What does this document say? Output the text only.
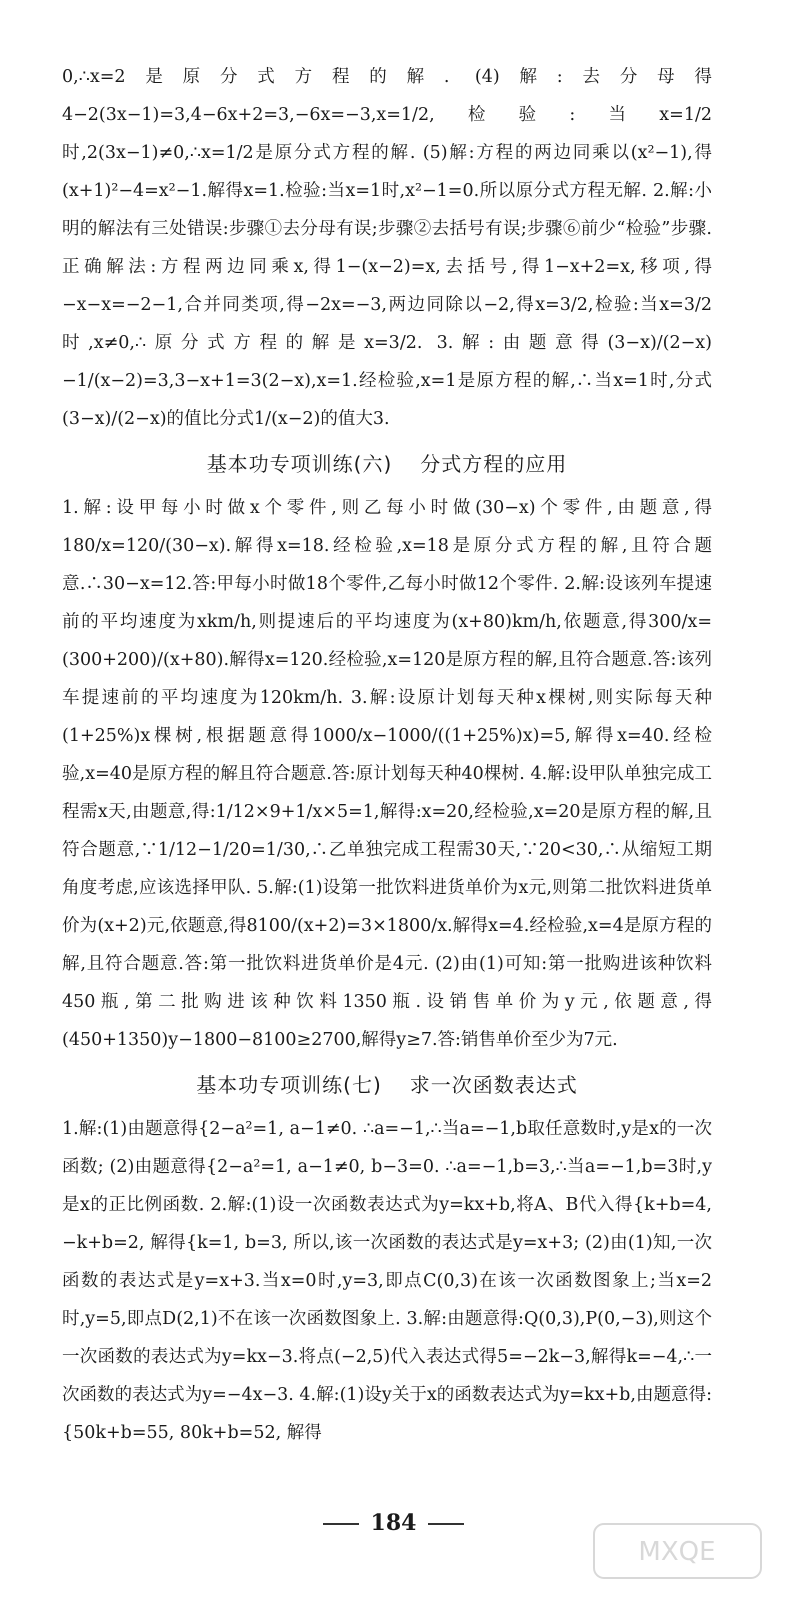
0,∴x=2是原分式方程的解. (4)解:去分母得4−2(3x−1)=3,4−6x+2=3,−6x=−3,x=1/2,检验:当x=1/2时,2(3x−1)≠0,∴x=1/2是原分式方程的解. (5)解:方程的两边同乘以(x²−1),得(x+1)²−4=x²−1.解得x=1.检验:当x=1时,x²−1=0.所以原分式方程无解. 2.解:小明的解法有三处错误:步骤①去分母有误;步骤②去括号有误;步骤⑥前少“检验”步骤.正确解法:方程两边同乘x,得1−(x−2)=x,去括号,得1−x+2=x,移项,得−x−x=−2−1,合并同类项,得−2x=−3,两边同除以−2,得x=3/2,检验:当x=3/2时,x≠0,∴原分式方程的解是x=3/2. 3.解:由题意得(3−x)/(2−x)−1/(x−2)=3,3−x+1=3(2−x),x=1.经检验,x=1是原方程的解,∴当x=1时,分式(3−x)/(2−x)的值比分式1/(x−2)的值大3.

基本功专项训练(六) 分式方程的应用

1.解:设甲每小时做x个零件,则乙每小时做(30−x)个零件,由题意,得180/x=120/(30−x).解得x=18.经检验,x=18是原分式方程的解,且符合题意.∴30−x=12.答:甲每小时做18个零件,乙每小时做12个零件. 2.解:设该列车提速前的平均速度为xkm/h,则提速后的平均速度为(x+80)km/h,依题意,得300/x=(300+200)/(x+80).解得x=120.经检验,x=120是原方程的解,且符合题意.答:该列车提速前的平均速度为120km/h. 3.解:设原计划每天种x棵树,则实际每天种(1+25%)x棵树,根据题意得1000/x−1000/((1+25%)x)=5,解得x=40.经检验,x=40是原方程的解且符合题意.答:原计划每天种40棵树. 4.解:设甲队单独完成工程需x天,由题意,得:1/12×9+1/x×5=1,解得:x=20,经检验,x=20是原方程的解,且符合题意,∵1/12−1/20=1/30,∴乙单独完成工程需30天,∵20<30,∴从缩短工期角度考虑,应该选择甲队. 5.解:(1)设第一批饮料进货单价为x元,则第二批饮料进货单价为(x+2)元,依题意,得8100/(x+2)=3×1800/x.解得x=4.经检验,x=4是原方程的解,且符合题意.答:第一批饮料进货单价是4元. (2)由(1)可知:第一批购进该种饮料450瓶,第二批购进该种饮料1350瓶.设销售单价为y元,依题意,得(450+1350)y−1800−8100≥2700,解得y≥7.答:销售单价至少为7元.

基本功专项训练(七) 求一次函数表达式

1.解:(1)由题意得{2−a²=1, a−1≠0. ∴a=−1,∴当a=−1,b取任意数时,y是x的一次函数; (2)由题意得{2−a²=1, a−1≠0, b−3=0. ∴a=−1,b=3,∴当a=−1,b=3时,y是x的正比例函数. 2.解:(1)设一次函数表达式为y=kx+b,将A、B代入得{k+b=4, −k+b=2, 解得{k=1, b=3, 所以,该一次函数的表达式是y=x+3; (2)由(1)知,一次函数的表达式是y=x+3.当x=0时,y=3,即点C(0,3)在该一次函数图象上;当x=2时,y=5,即点D(2,1)不在该一次函数图象上. 3.解:由题意得:Q(0,3),P(0,−3),则这个一次函数的表达式为y=kx−3.将点(−2,5)代入表达式得5=−2k−3,解得k=−4,∴一次函数的表达式为y=−4x−3. 4.解:(1)设y关于x的函数表达式为y=kx+b,由题意得:{50k+b=55, 80k+b=52, 解得

184
MXQE
